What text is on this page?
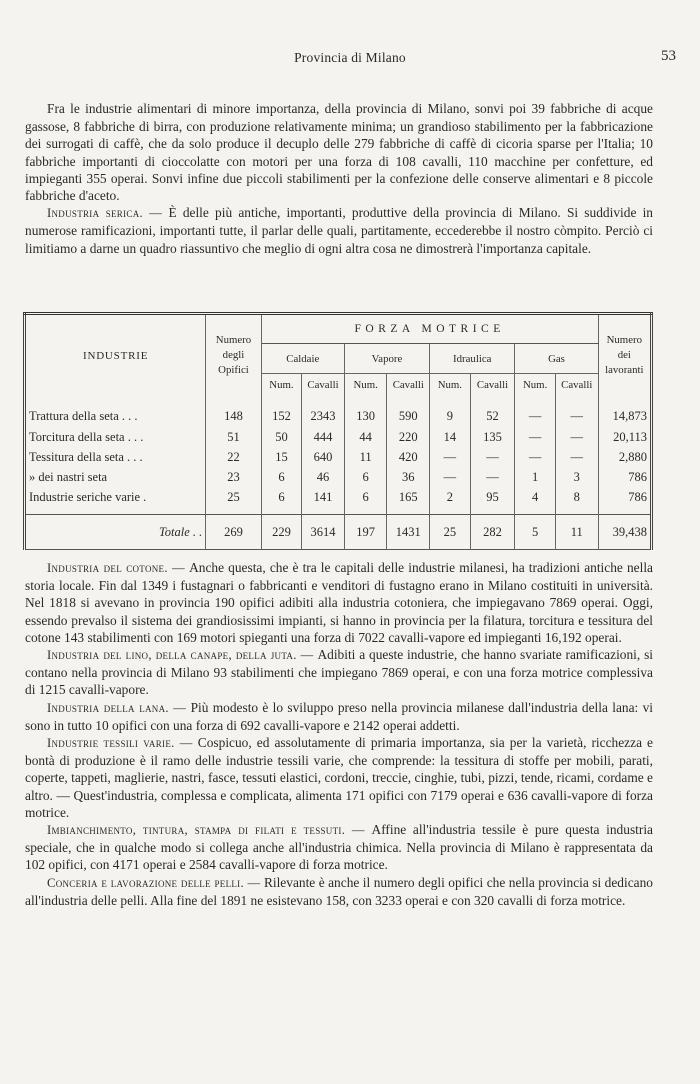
Provincia di Milano	53

Fra le industrie alimentari di minore importanza, della provincia di Milano, sonvi poi 39 fabbriche di acque gassose, 8 fabbriche di birra, con produzione relativamente minima; un grandioso stabilimento per la fabbricazione dei surrogati di caffè, che da solo produce il decuplo delle 279 fabbriche di caffè di cicoria sparse per l'Italia; 10 fabbriche importanti di cioccolatte con motori per una forza di 108 cavalli, 110 macchine per confetture, ed impieganti 355 operai. Sonvi infine due piccoli stabilimenti per la confezione delle conserve alimentari e 8 piccole fabbriche d'aceto.

Industria serica. — È delle più antiche, importanti, produttive della provincia di Milano. Si suddivide in numerose ramificazioni, importanti tutte, il parlar delle quali, partitamente, eccederebbe il nostro còmpito. Perciò ci limitiamo a darne un quadro riassuntivo che meglio di ogni altra cosa ne dimostrerà l'importanza capitale.

INDUSTRIE	Numero degli Opifici	FORZA MOTRICE								Numero dei lavoranti
		Caldaie		Vapore		Idraulica		Gas		
		Num.	Cavalli	Num.	Cavalli	Num.	Cavalli	Num.	Cavalli	
Trattura della seta . . .	148	152	2343	130	590	9	52	—	—	14,873
Torcitura della seta . . .	51	50	444	44	220	14	135	—	—	20,113
Tessitura della seta . . .	22	15	640	11	420	—	—	—	—	2,880
» dei nastri seta	23	6	46	6	36	—	—	1	3	786
Industrie seriche varie .	25	6	141	6	165	2	95	4	8	786
Totale . .	269	229	3614	197	1431	25	282	5	11	39,438

Industria del cotone. — Anche questa, che è tra le capitali delle industrie milanesi, ha tradizioni antiche nella storia locale. Fin dal 1349 i fustagnari o fabbricanti e venditori di fustagno erano in Milano costituiti in università. Nel 1818 si avevano in provincia 190 opifici adibiti alla industria cotoniera, che impiegavano 7869 operai. Oggi, essendo prevalso il sistema dei grandiosissimi impianti, si hanno in provincia per la filatura, torcitura e tessitura del cotone 143 stabilimenti con 169 motori spieganti una forza di 7022 cavalli-vapore ed impieganti 16,192 operai.

Industria del lino, della canape, della juta. — Adibiti a queste industrie, che hanno svariate ramificazioni, si contano nella provincia di Milano 93 stabilimenti che impiegano 7869 operai, e con una forza motrice complessiva di 1215 cavalli-vapore.

Industria della lana. — Più modesto è lo sviluppo preso nella provincia milanese dall'industria della lana: vi sono in tutto 10 opifici con una forza di 692 cavalli-vapore e 2142 operai addetti.

Industrie tessili varie. — Cospicuo, ed assolutamente di primaria importanza, sia per la varietà, ricchezza e bontà di produzione è il ramo delle industrie tessili varie, che comprende: la tessitura di stoffe per mobili, parati, coperte, tappeti, maglierie, nastri, fasce, tessuti elastici, cordoni, treccie, cinghie, tubi, pizzi, tende, ricami, cordame e altro. — Quest'industria, complessa e complicata, alimenta 171 opifici con 7179 operai e 636 cavalli-vapore di forza motrice.

Imbianchimento, tintura, stampa di filati e tessuti. — Affine all'industria tessile è pure questa industria speciale, che in qualche modo si collega anche all'industria chimica. Nella provincia di Milano è rappresentata da 102 opifici, con 4171 operai e 2584 cavalli-vapore di forza motrice.

Conceria e lavorazione delle pelli. — Rilevante è anche il numero degli opifici che nella provincia si dedicano all'industria delle pelli. Alla fine del 1891 ne esistevano 158, con 3233 operai e con 320 cavalli di forza motrice.
